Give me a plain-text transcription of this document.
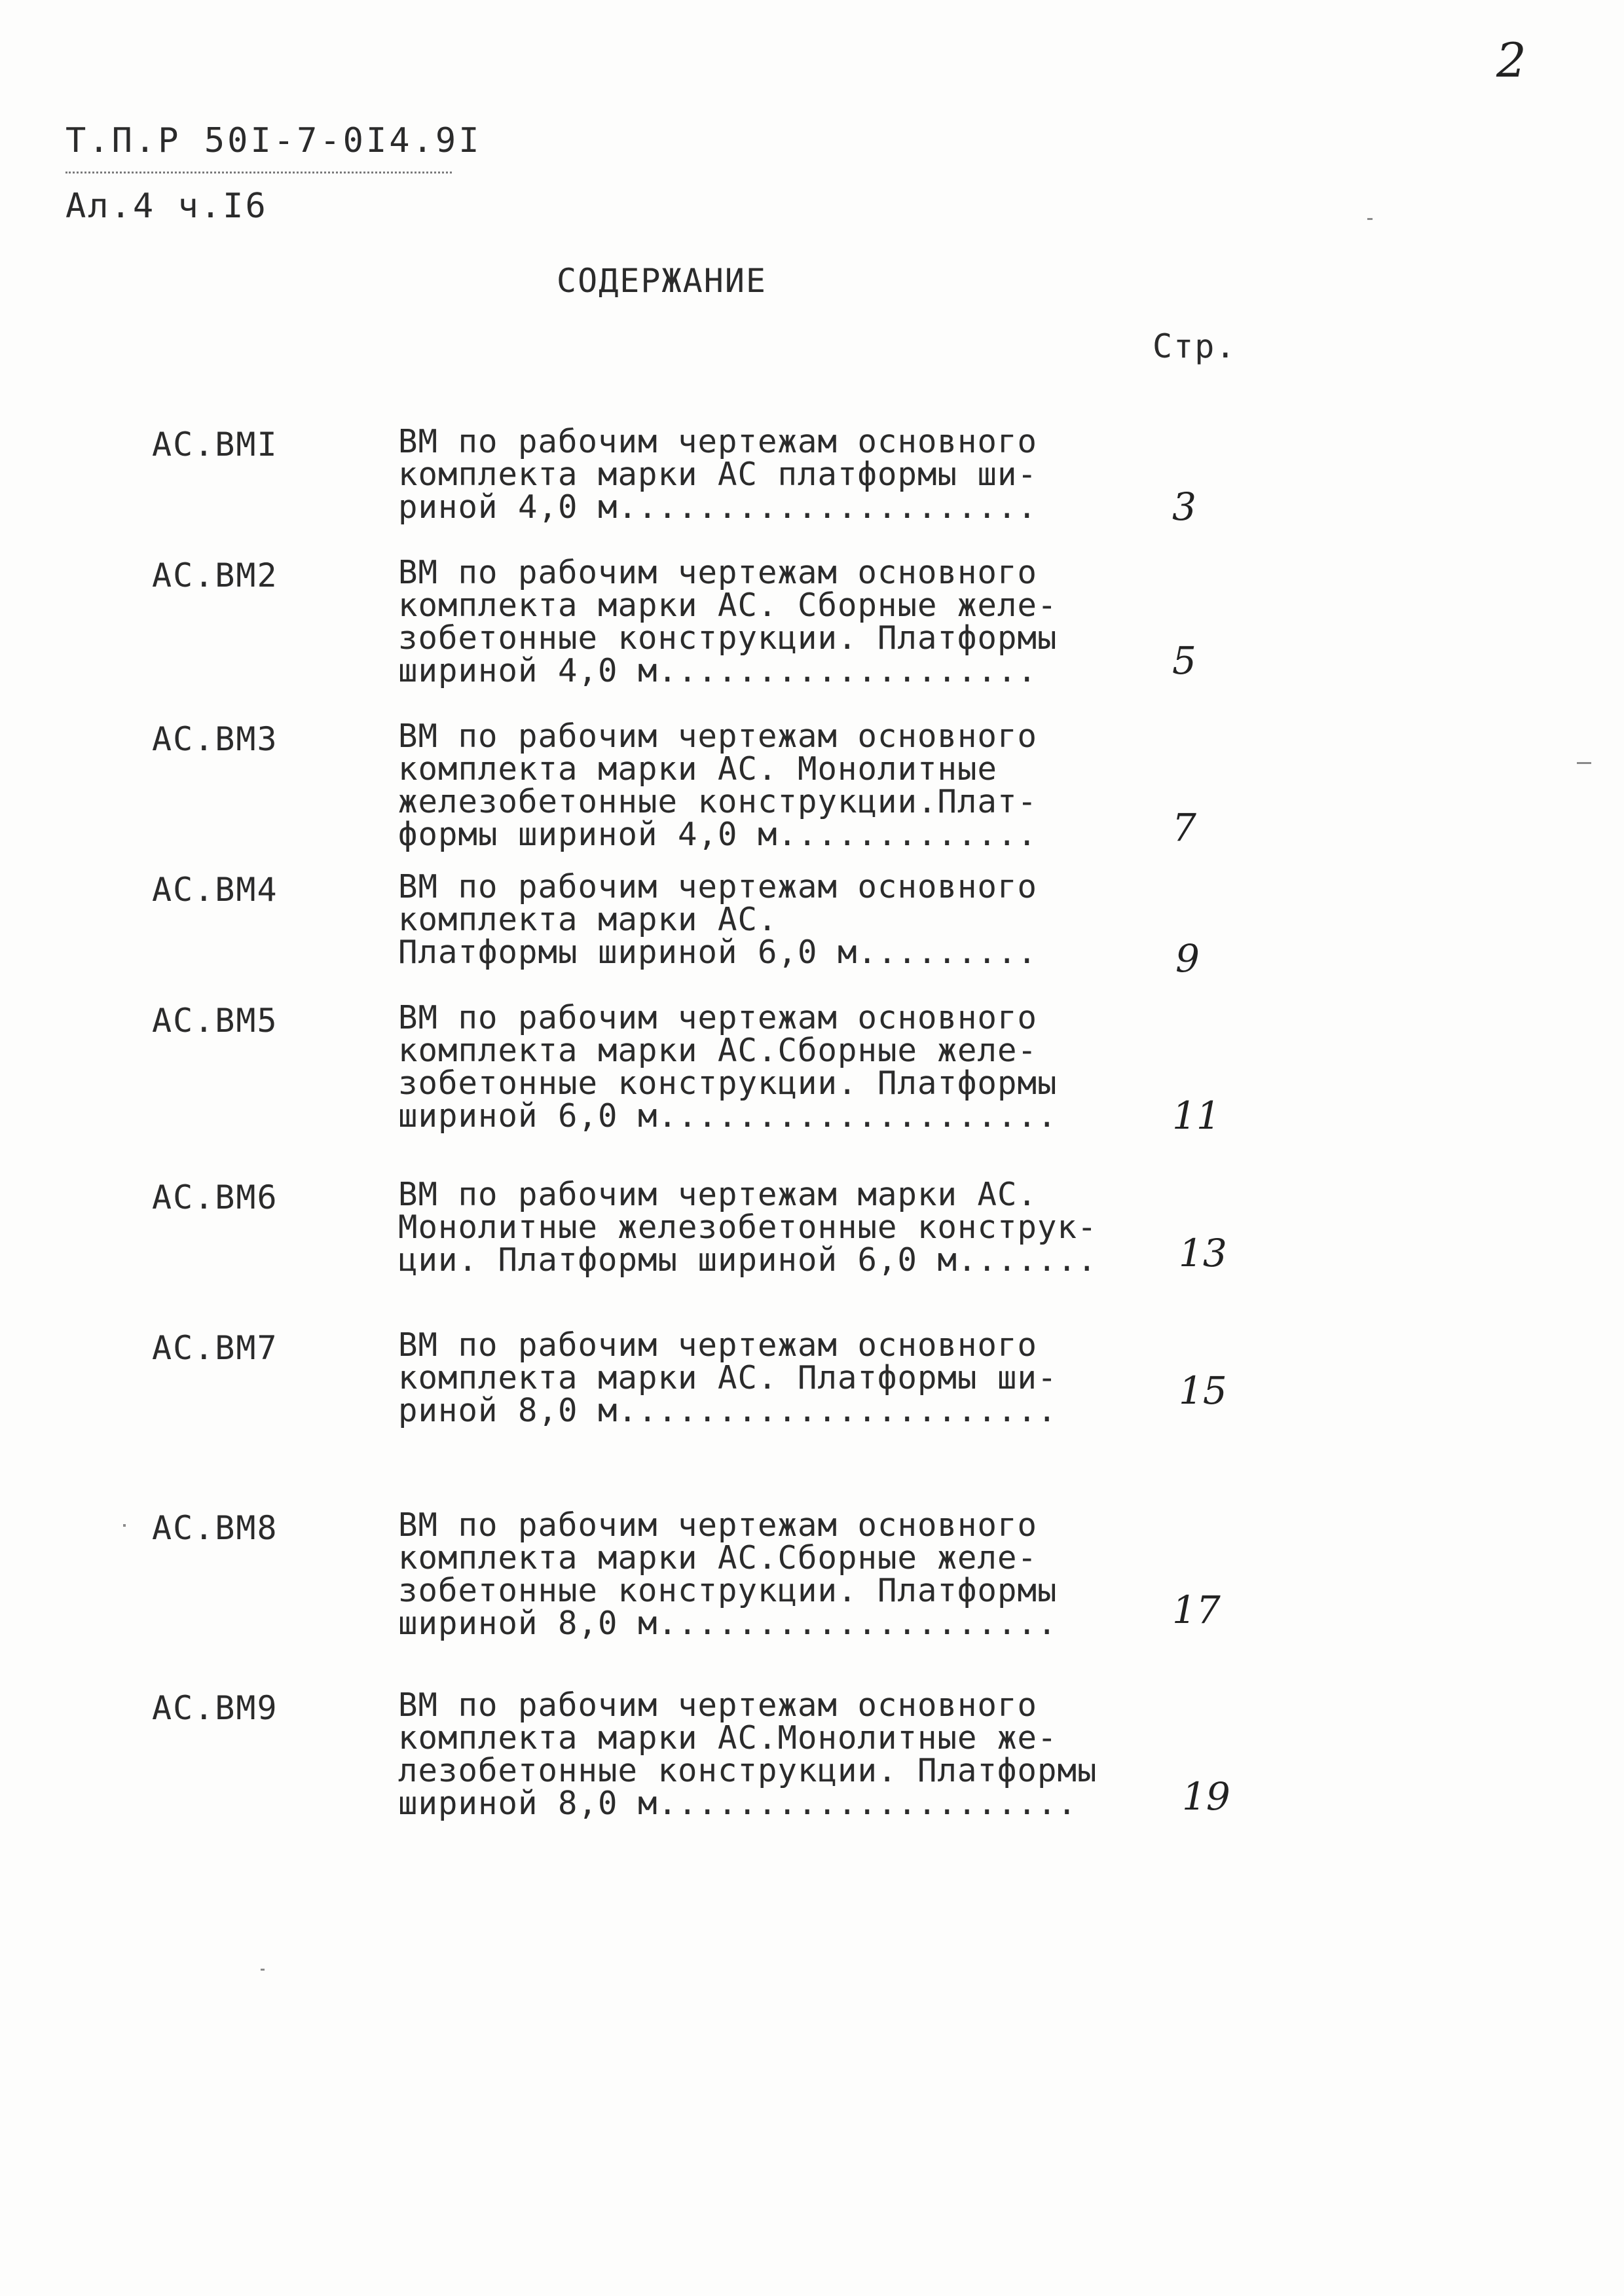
2
Т.П.Р 50I-7-0I4.9I
Ал.4 ч.I6
СОДЕРЖАНИЕ
Стр.
АС.ВМI	ВМ по рабочим чертежам основного
комплекта марки АС платформы ши-
риной 4,0 м.....................	3
АС.ВМ2	ВМ по рабочим чертежам основного
комплекта марки АС. Сборные желе-
зобетонные конструкции. Платформы
шириной 4,0 м...................	5
АС.ВМ3	ВМ по рабочим чертежам основного
комплекта марки АС. Монолитные
железобетонные конструкции.Плат-
формы шириной 4,0 м.............	7
АС.ВМ4	ВМ по рабочим чертежам основного
комплекта марки АС.
Платформы шириной 6,0 м.........	9
АС.ВМ5	ВМ по рабочим чертежам основного
комплекта марки АС.Сборные желе-
зобетонные конструкции. Платформы
шириной 6,0 м....................	11
АС.ВМ6	ВМ по рабочим чертежам марки АС.
Монолитные железобетонные конструк-
ции. Платформы шириной 6,0 м.......	13
АС.ВМ7	ВМ по рабочим чертежам основного
комплекта марки АС. Платформы ши-
риной 8,0 м......................	15
АС.ВМ8	ВМ по рабочим чертежам основного
комплекта марки АС.Сборные желе-
зобетонные конструкции. Платформы
шириной 8,0 м....................	17
АС.ВМ9	ВМ по рабочим чертежам основного
комплекта марки АС.Монолитные же-
лезобетонные конструкции. Платформы
шириной 8,0 м.....................	19
